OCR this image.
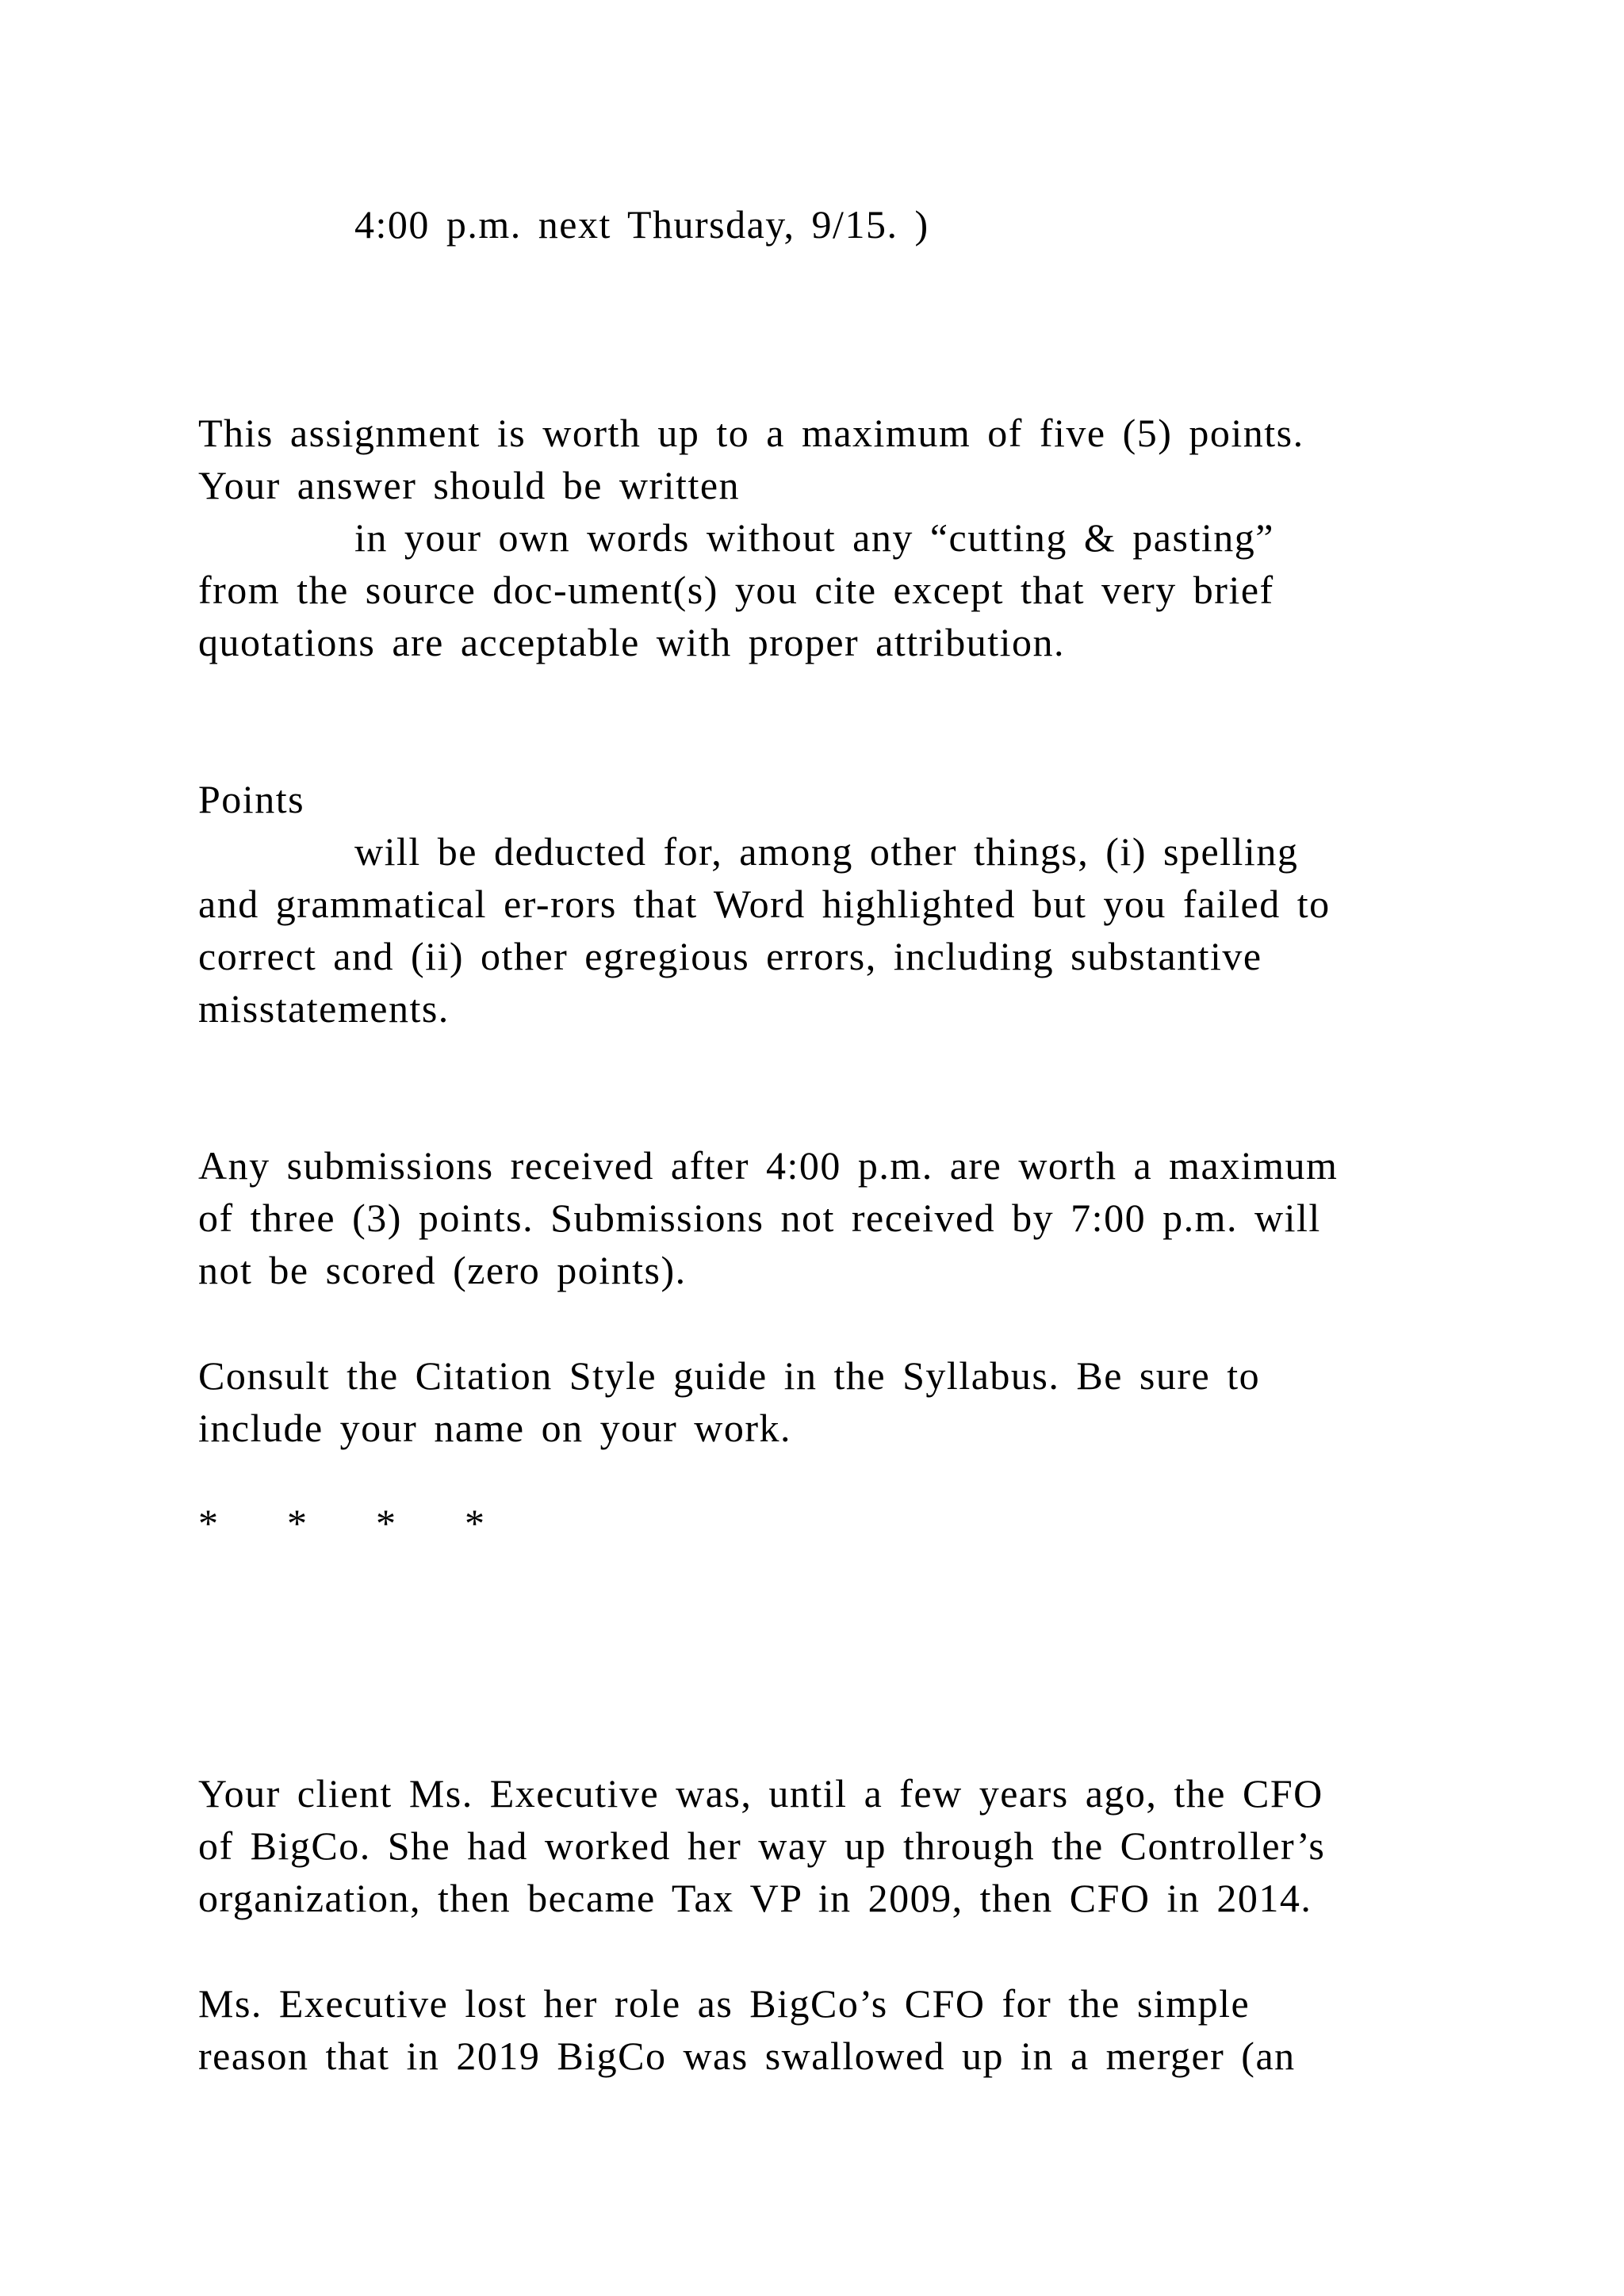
4:00 p.m. next Thursday, 9/15. )
This assignment is worth up to a maximum of five (5) points.
Your answer should be written
in your own words without any “cutting & pasting”
from the source doc-ument(s) you cite except that very brief
quotations are acceptable with proper attribution.
Points
will be deducted for, among other things, (i) spelling
and grammatical er-rors that Word highlighted but you failed to
correct and (ii) other egregious errors, including substantive
misstatements.
Any submissions received after 4:00 p.m. are worth a maximum
of three (3) points. Submissions not received by 7:00 p.m. will
not be scored (zero points).
Consult the Citation Style guide in the Syllabus. Be sure to
include your name on your work.
* * * *
Your client Ms. Executive was, until a few years ago, the CFO
of BigCo. She had worked her way up through the Controller’s
organization, then became Tax VP in 2009, then CFO in 2014.
Ms. Executive lost her role as BigCo’s CFO for the simple
reason that in 2019 BigCo was swallowed up in a merger (an
